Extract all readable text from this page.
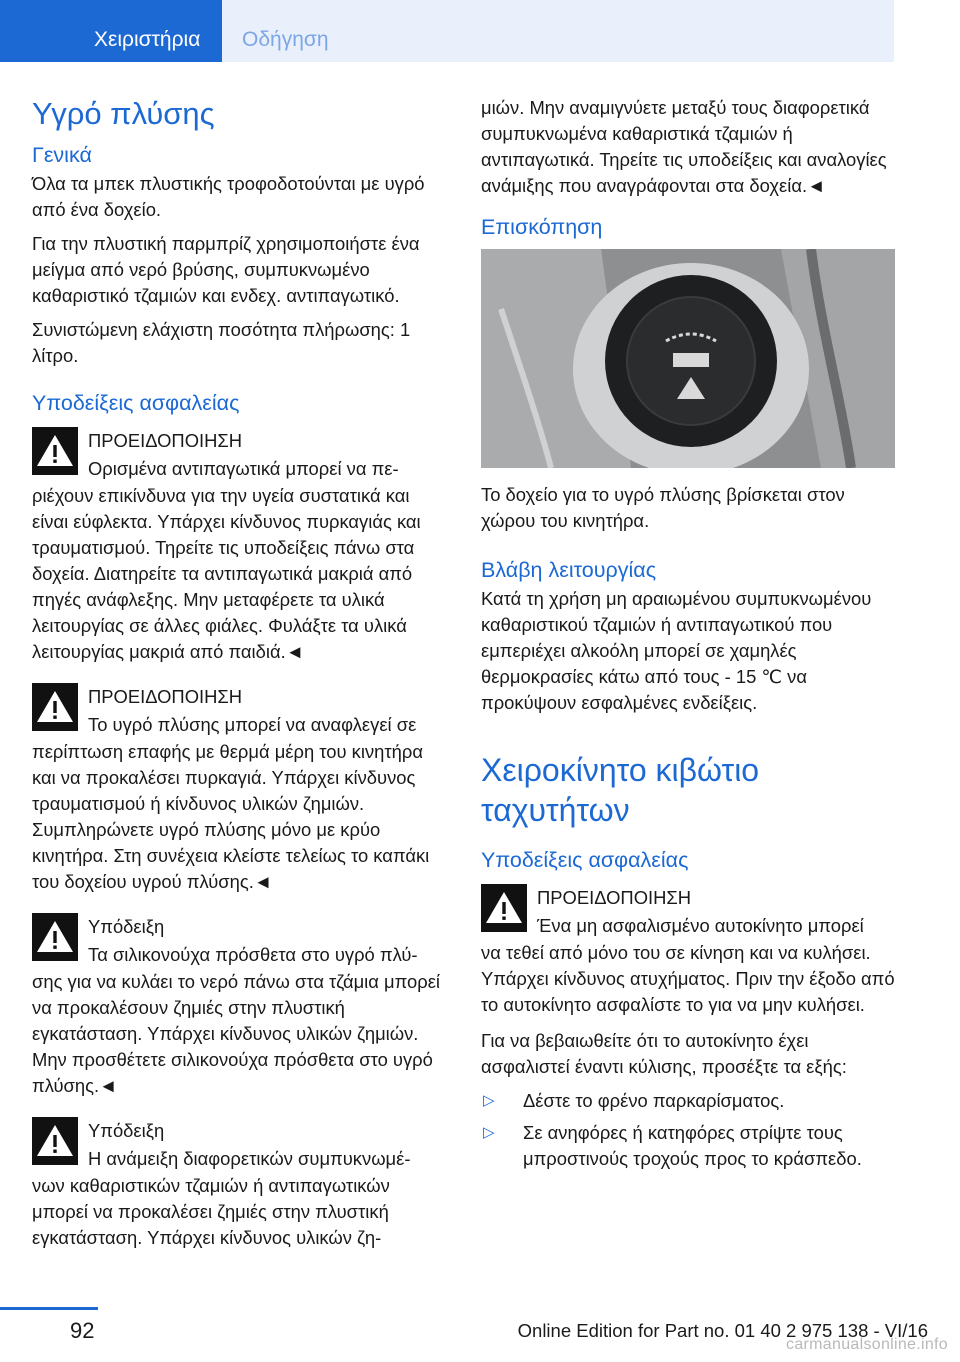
Χειριστήρια	Οδήγηση
Υγρό πλύσης
Γενικά

Όλα τα μπεκ πλυστικής τροφοδοτούνται με υγρό από ένα δοχείο.

Για την πλυστική παρμπρίζ χρησιμοποιήστε ένα μείγμα από νερό βρύσης, συμπυκνωμένο καθαριστικό τζαμιών και ενδεχ. αντιπαγωτικό.

Συνιστώμενη ελάχιστη ποσότητα πλήρωσης: 1 λίτρο.

Υποδείξεις ασφαλείας
ΠΡΟΕΙΔΟΠΟΙΗΣΗ
Ορισμένα αντιπαγωτικά μπορεί να πε-
ριέχουν επικίνδυνα για την υγεία συστατικά και είναι εύφλεκτα. Υπάρχει κίνδυνος πυρκαγιάς και τραυματισμού. Τηρείτε τις υποδείξεις πάνω στα δοχεία. Διατηρείτε τα αντιπαγωτικά μακριά από πηγές ανάφλεξης. Μην μεταφέρετε τα υλικά λειτουργίας σε άλλες φιάλες. Φυλάξτε τα υλικά λειτουργίας μακριά από παιδιά.◄
ΠΡΟΕΙΔΟΠΟΙΗΣΗ
Το υγρό πλύσης μπορεί να αναφλεγεί σε
περίπτωση επαφής με θερμά μέρη του κινητήρα και να προκαλέσει πυρκαγιά. Υπάρχει κίνδυνος τραυματισμού ή κίνδυνος υλικών ζημιών. Συμπληρώνετε υγρό πλύσης μόνο με κρύο κινητήρα. Στη συνέχεια κλείστε τελείως το καπάκι του δοχείου υγρού πλύσης.◄
Υπόδειξη
Τα σιλικονούχα πρόσθετα στο υγρό πλύ-
σης για να κυλάει το νερό πάνω στα τζάμια μπορεί να προκαλέσουν ζημιές στην πλυστική εγκατάσταση. Υπάρχει κίνδυνος υλικών ζημιών. Μην προσθέτετε σιλικονούχα πρόσθετα στο υγρό πλύσης.◄
Υπόδειξη
Η ανάμειξη διαφορετικών συμπυκνωμέ-
νων καθαριστικών τζαμιών ή αντιπαγωτικών μπορεί να προκαλέσει ζημιές στην πλυστική εγκατάσταση. Υπάρχει κίνδυνος υλικών ζη-

μιών. Μην αναμιγνύετε μεταξύ τους διαφορετικά συμπυκνωμένα καθαριστικά τζαμιών ή αντιπαγωτικά. Τηρείτε τις υποδείξεις και αναλογίες ανάμιξης που αναγράφονται στα δοχεία.◄

Επισκόπηση

Το δοχείο για το υγρό πλύσης βρίσκεται στον χώρου του κινητήρα.

Βλάβη λειτουργίας

Κατά τη χρήση μη αραιωμένου συμπυκνωμένου καθαριστικού τζαμιών ή αντιπαγωτικού που εμπεριέχει αλκοόλη μπορεί σε χαμηλές θερμοκρασίες κάτω από τους - 15 ℃ να προκύψουν εσφαλμένες ενδείξεις.

Χειροκίνητο κιβώτιο ταχυτήτων
Υποδείξεις ασφαλείας
ΠΡΟΕΙΔΟΠΟΙΗΣΗ
Ένα μη ασφαλισμένο αυτοκίνητο μπορεί
να τεθεί από μόνο του σε κίνηση και να κυλήσει. Υπάρχει κίνδυνος ατυχήματος. Πριν την έξοδο από το αυτοκίνητο ασφαλίστε το για να μην κυλήσει.

Για να βεβαιωθείτε ότι το αυτοκίνητο έχει ασφαλιστεί έναντι κύλισης, προσέξτε τα εξής:

▷ Δέστε το φρένο παρκαρίσματος.
▷ Σε ανηφόρες ή κατηφόρες στρίψτε τους μπροστινούς τροχούς προς το κράσπεδο.
92	Online Edition for Part no. 01 40 2 975 138 - VI/16
carmanualsonline.info
